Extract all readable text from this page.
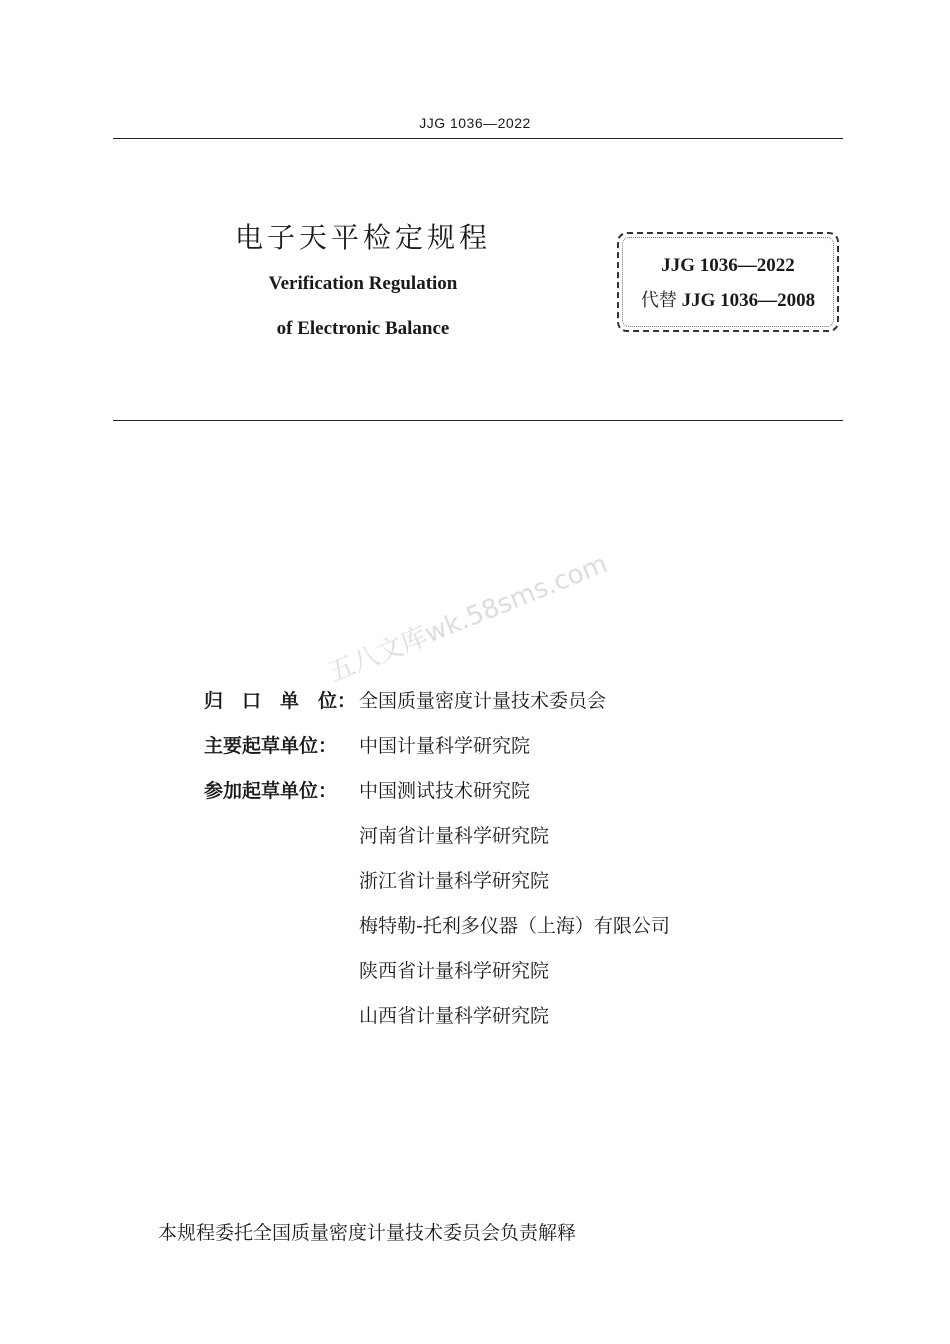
JJG 1036—2022
电子天平检定规程
Verification Regulation
of Electronic Balance
JJG 1036—2022
代替 JJG 1036—2008
五八文库wk.58sms.com
归　口　单　位： 全国质量密度计量技术委员会
主要起草单位：	中国计量科学研究院
参加起草单位：	中国测试技术研究院
河南省计量科学研究院
浙江省计量科学研究院
梅特勒-托利多仪器（上海）有限公司
陕西省计量科学研究院
山西省计量科学研究院
本规程委托全国质量密度计量技术委员会负责解释
